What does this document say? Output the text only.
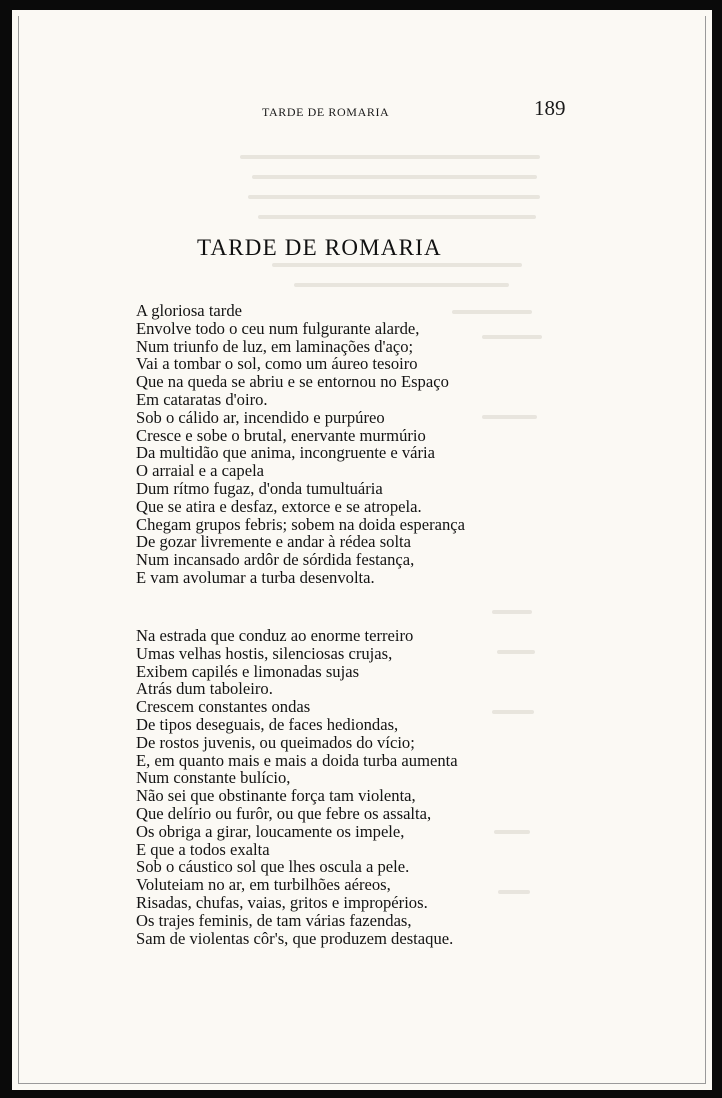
TARDE DE ROMARIA	189
TARDE DE ROMARIA
A gloriosa tarde
Envolve todo o ceu num fulgurante alarde,
Num triunfo de luz, em laminações d'aço;
Vai a tombar o sol, como um áureo tesoiro
Que na queda se abriu e se entornou no Espaço
Em cataratas d'oiro.
Sob o cálido ar, incendido e purpúreo
Cresce e sobe o brutal, enervante murmúrio
Da multidão que anima, incongruente e vária
O arraial e a capela
Dum rítmo fugaz, d'onda tumultuária
Que se atira e desfaz, extorce e se atropela.
Chegam grupos febris; sobem na doida esperança
De gozar livremente e andar à rédea solta
Num incansado ardôr de sórdida festança,
E vam avolumar a turba desenvolta.
Na estrada que conduz ao enorme terreiro
Umas velhas hostis, silenciosas crujas,
Exibem capilés e limonadas sujas
Atrás dum taboleiro.
Crescem constantes ondas
De tipos deseguais, de faces hediondas,
De rostos juvenis, ou queimados do vício;
E, em quanto mais e mais a doida turba aumenta
Num constante bulício,
Não sei que obstinante força tam violenta,
Que delírio ou furôr, ou que febre os assalta,
Os obriga a girar, loucamente os impele,
E que a todos exalta
Sob o cáustico sol que lhes oscula a pele.
Voluteiam no ar, em turbilhões aéreos,
Risadas, chufas, vaias, gritos e impropérios.
Os trajes feminis, de tam várias fazendas,
Sam de violentas côr's, que produzem destaque.
